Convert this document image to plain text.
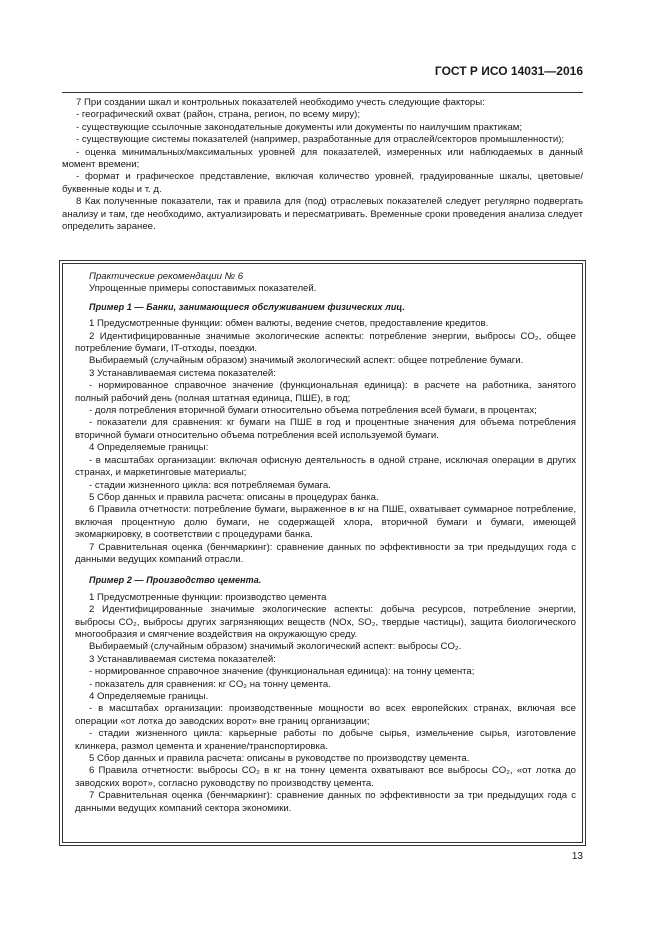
ГОСТ Р ИСО 14031—2016

7 При создании шкал и контрольных показателей необходимо учесть следующие факторы:

- географический охват (район, страна, регион, по всему миру);

- существующие ссылочные законодательные документы или документы по наилучшим практикам;

- существующие системы показателей (например, разработанные для отраслей/секторов промышленности);

- оценка минимальных/максимальных уровней для показателей, измеренных или наблюдаемых в данный момент времени;

- формат и графическое представление, включая количество уровней, градуированные шкалы, цветовые/буквенные коды и т. д.

8 Как полученные показатели, так и правила для (под) отраслевых показателей следует регулярно подвергать анализу и там, где необходимо, актуализировать и пересматривать. Временные сроки проведения анализа следует определить заранее.

Практические рекомендации № 6

Упрощенные примеры сопоставимых показателей.

Пример 1 — Банки, занимающиеся обслуживанием физических лиц.

1 Предусмотренные функции: обмен валюты, ведение счетов, предоставление кредитов.

2 Идентифицированные значимые экологические аспекты: потребление энергии, выбросы CO₂, общее потребление бумаги, IT-отходы, поездки.

Выбираемый (случайным образом) значимый экологический аспект: общее потребление бумаги.

3 Устанавливаемая система показателей:

- нормированное справочное значение (функциональная единица): в расчете на работника, занятого полный рабочий день (полная штатная единица, ПШЕ), в год;

- доля потребления вторичной бумаги относительно объема потребления всей бумаги, в процентах;

- показатели для сравнения: кг бумаги на ПШЕ в год и процентные значения для объема потребления вторичной бумаги относительно объема потребления всей используемой бумаги.

4 Определяемые границы:

- в масштабах организации: включая офисную деятельность в одной стране, исключая операции в других странах, и маркетинговые материалы;

- стадии жизненного цикла: вся потребляемая бумага.

5 Сбор данных и правила расчета: описаны в процедурах банка.

6 Правила отчетности: потребление бумаги, выраженное в кг на ПШЕ, охватывает суммарное потребление, включая процентную долю бумаги, не содержащей хлора, вторичной бумаги и бумаги, имеющей экомаркировку, в соответствии с процедурами банка.

7 Сравнительная оценка (бенчмаркинг): сравнение данных по эффективности за три предыдущих года с данными ведущих компаний отрасли.

Пример 2 — Производство цемента.

1 Предусмотренные функции: производство цемента

2 Идентифицированные значимые экологические аспекты: добыча ресурсов, потребление энергии, выбросы CO₂, выбросы других загрязняющих веществ (NOx, SO₂, твердые частицы), защита биологического многообразия и смягчение воздействия на окружающую среду.

Выбираемый (случайным образом) значимый экологический аспект: выбросы CO₂.

3 Устанавливаемая система показателей:

- нормированное справочное значение (функциональная единица): на тонну цемента;

- показатель для сравнения: кг CO₂ на тонну цемента.

4 Определяемые границы.

- в масштабах организации: производственные мощности во всех европейских странах, включая все операции «от лотка до заводских ворот» вне границ организации;

- стадии жизненного цикла: карьерные работы по добыче сырья, измельчение сырья, изготовление клинкера, размол цемента и хранение/транспортировка.

5 Сбор данных и правила расчета: описаны в руководстве по производству цемента.

6 Правила отчетности: выбросы CO₂ в кг на тонну цемента охватывают все выбросы CO₂, «от лотка до заводских ворот», согласно руководству по производству цемента.

7 Сравнительная оценка (бенчмаркинг): сравнение данных по эффективности за три предыдущих года с данными ведущих компаний сектора экономики.

13
